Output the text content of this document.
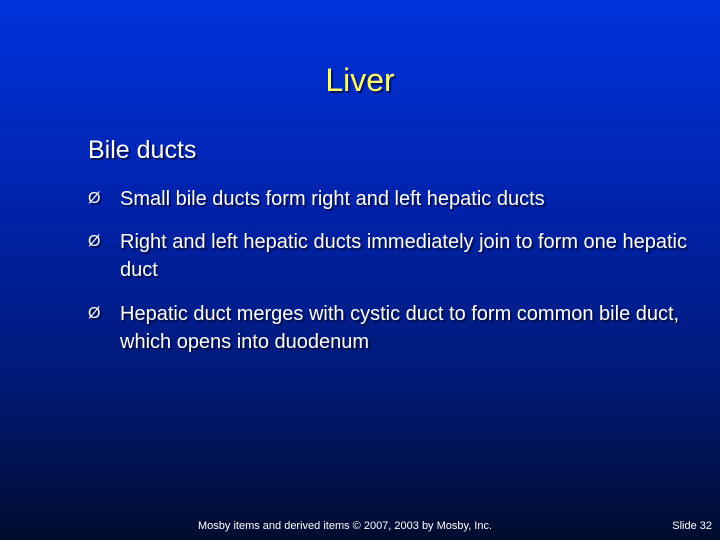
Liver
Bile ducts
Ø Small bile ducts form right and left hepatic ducts
Ø Right and left hepatic ducts immediately join to form one hepatic duct
Ø Hepatic duct merges with cystic duct to form common bile duct, which opens into duodenum
Mosby items and derived items © 2007, 2003 by Mosby, Inc.	Slide 32
